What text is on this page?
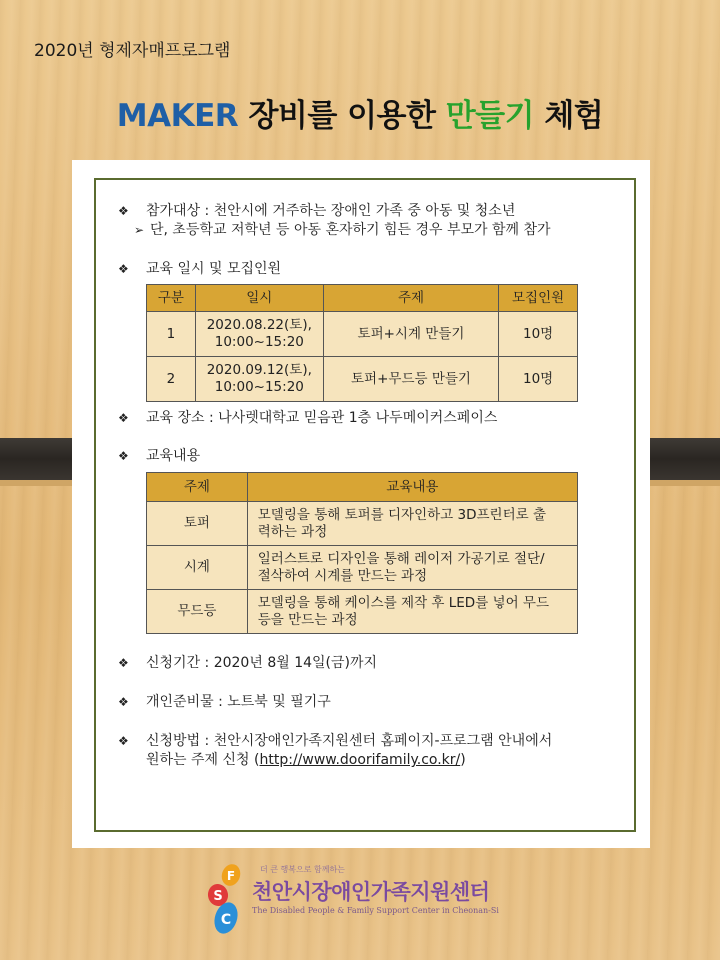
2020년 형제자매프로그램
MAKER 장비를 이용한 만들기 체험
❖	참가대상 : 천안시에 거주하는 장애인 가족 중 아동 및 청소년
➢ 단, 초등학교 저학년 등 아동 혼자하기 힘든 경우 부모가 함께 참가
❖	교육 일시 및 모집인원
구분	일시	주제	모집인원
1	2020.08.22(토),
10:00~15:20	토퍼+시계 만들기	10명
2	2020.09.12(토),
10:00~15:20	토퍼+무드등 만들기	10명
❖	교육 장소 : 나사렛대학교 믿음관 1층 나두메이커스페이스
❖	교육내용
주제	교육내용
토퍼	모델링을 통해 토퍼를 디자인하고 3D프린터로 출
력하는 과정
시계	일러스트로 디자인을 통해 레이저 가공기로 절단/
절삭하여 시계를 만드는 과정
무드등	모델링을 통해 케이스를 제작 후 LED를 넣어 무드
등을 만드는 과정
❖	신청기간 : 2020년 8월 14일(금)까지
❖	개인준비물 : 노트북 및 필기구
❖	신청방법 : 천안시장애인가족지원센터 홈페이지-프로그램 안내에서
원하는 주제 신청 (http://www.doorifamily.co.kr/)
F
S
C
더 큰 행복으로 함께하는
천안시장애인가족지원센터
The Disabled People & Family Support Center in Cheonan-Si
